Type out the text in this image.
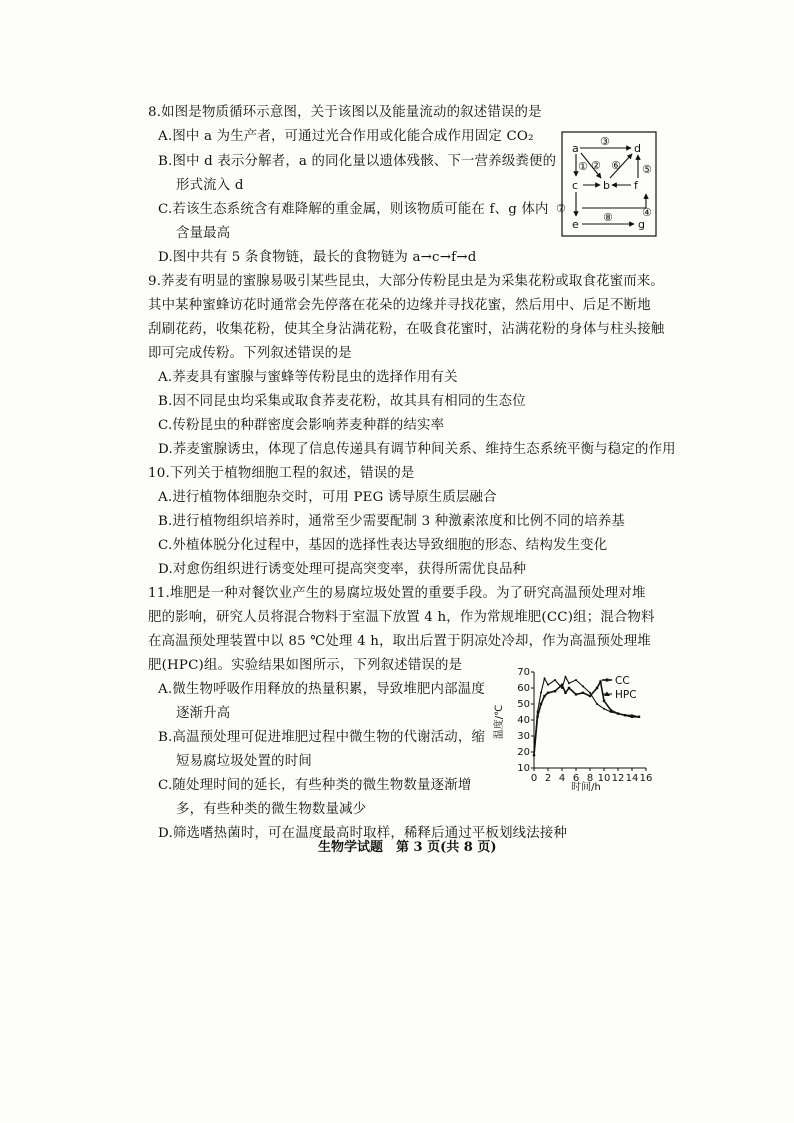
8.如图是物质循环示意图，关于该图以及能量流动的叙述错误的是
A.图中 a 为生产者，可通过光合作用或化能合成作用固定 CO₂
B.图中 d 表示分解者，a 的同化量以遗体残骸、下一营养级粪便的
形式流入 d
C.若该生态系统含有难降解的重金属，则该物质可能在 f、g 体内
含量最高
D.图中共有 5 条食物链，最长的食物链为 a→c→f→d
a	d
c b f
e	g
③
① ② ⑥ ⑤
④
⑦
⑧
9.荞麦有明显的蜜腺易吸引某些昆虫，大部分传粉昆虫是为采集花粉或取食花蜜而来。
其中某种蜜蜂访花时通常会先停落在花朵的边缘并寻找花蜜，然后用中、后足不断地
刮刷花药，收集花粉，使其全身沾满花粉，在吸食花蜜时，沾满花粉的身体与柱头接触
即可完成传粉。下列叙述错误的是
A.荞麦具有蜜腺与蜜蜂等传粉昆虫的选择作用有关
B.因不同昆虫均采集或取食荞麦花粉，故其具有相同的生态位
C.传粉昆虫的种群密度会影响荞麦种群的结实率
D.荞麦蜜腺诱虫，体现了信息传递具有调节种间关系、维持生态系统平衡与稳定的作用
10.下列关于植物细胞工程的叙述，错误的是
A.进行植物体细胞杂交时，可用 PEG 诱导原生质层融合
B.进行植物组织培养时，通常至少需要配制 3 种激素浓度和比例不同的培养基
C.外植体脱分化过程中，基因的选择性表达导致细胞的形态、结构发生变化
D.对愈伤组织进行诱变处理可提高突变率，获得所需优良品种
11.堆肥是一种对餐饮业产生的易腐垃圾处置的重要手段。为了研究高温预处理对堆
肥的影响，研究人员将混合物料于室温下放置 4 h，作为常规堆肥(CC)组；混合物料
在高温预处理装置中以 85 ℃处理 4 h，取出后置于阴凉处冷却，作为高温预处理堆
肥(HPC)组。实验结果如图所示，下列叙述错误的是
A.微生物呼吸作用释放的热量积累，导致堆肥内部温度
逐渐升高
B.高温预处理可促进堆肥过程中微生物的代谢活动，缩
短易腐垃圾处置的时间
C.随处理时间的延长，有些种类的微生物数量逐渐增
多，有些种类的微生物数量减少
D.筛选嗜热菌时，可在温度最高时取样，稀释后通过平板划线法接种
10
20
30
40
50
60
70
0 2 4 6 8 10 12 14 16
CC
HPC
温度/℃
时间/h
生物学试题　第 3 页(共 8 页)
